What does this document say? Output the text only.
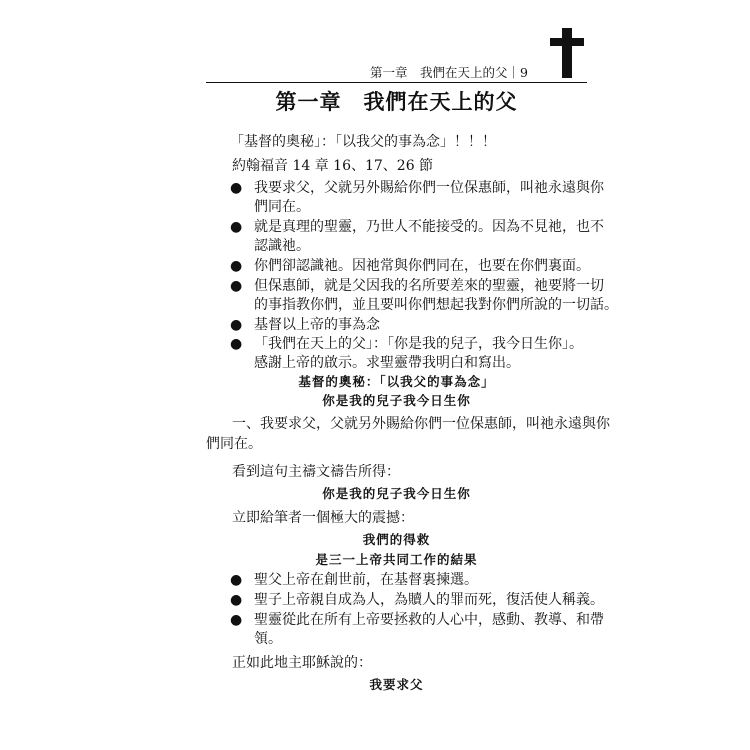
第一章　我們在天上的父｜9
第一章　我們在天上的父
「基督的奧秘」：「以我父的事為念」！！！
約翰福音 14 章 16、17、26 節
● 我要求父，父就另外賜給你們一位保惠師，叫祂永遠與你
們同在。
● 就是真理的聖靈，乃世人不能接受的。因為不見祂，也不
認識祂。
● 你們卻認識祂。因祂常與你們同在，也要在你們裏面。
● 但保惠師，就是父因我的名所要差來的聖靈，祂要將一切
的事指教你們，並且要叫你們想起我對你們所說的一切話。
● 基督以上帝的事為念
● 「我們在天上的父」：「你是我的兒子，我今日生你」。
感謝上帝的啟示。求聖靈帶我明白和寫出。
基督的奧秘：「以我父的事為念」
你是我的兒子我今日生你
一、我要求父，父就另外賜給你們一位保惠師，叫祂永遠與你
們同在。
看到這句主禱文禱告所得：
你是我的兒子我今日生你
立即給筆者一個極大的震撼：
我們的得救
是三一上帝共同工作的結果
● 聖父上帝在創世前，在基督裏揀選。
● 聖子上帝親自成為人，為贖人的罪而死，復活使人稱義。
● 聖靈從此在所有上帝要拯救的人心中，感動、教導、和帶
領。
正如此地主耶穌說的：
我要求父
